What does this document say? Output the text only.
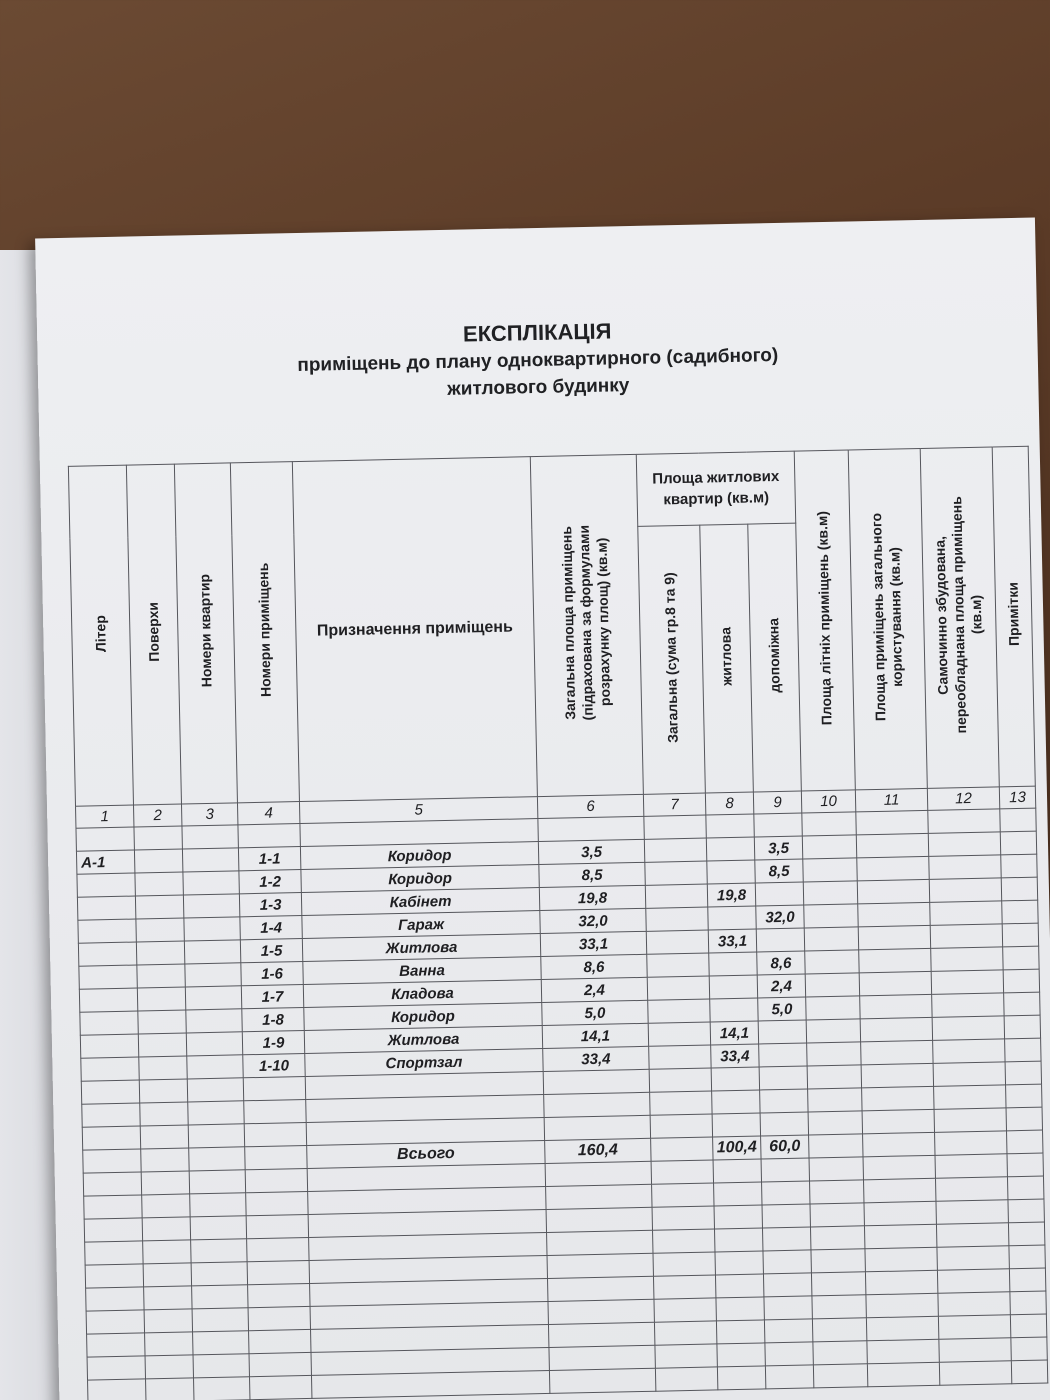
ЕКСПЛІКАЦІЯ
приміщень до плану одноквартирного (садибного)
житлового будинку
Літер	Поверхи	Номери квартир	Номери приміщень	Призначення приміщень	Загальна площа приміщень
(підрахована за формулами
розрахунку площ) (кв.м)	Площа житлових
квартир (кв.м)			Площа літніх приміщень (кв.м)	Площа приміщень загального
користування (кв.м)	Самочинно збудована,
переобладнана площа приміщень
(кв.м)	Примітки
						Загальна (сума гр.8 та 9)	житлова	допоміжна				
1	2	3	4	5	6	7	8	9	10	11	12	13

А-1			1-1	Коридор	3,5			3,5				
			1-2	Коридор	8,5			8,5				
			1-3	Кабінет	19,8		19,8					
			1-4	Гараж	32,0			32,0				
			1-5	Житлова	33,1		33,1					
			1-6	Ванна	8,6			8,6				
			1-7	Кладова	2,4			2,4				
			1-8	Коридор	5,0			5,0				
			1-9	Житлова	14,1		14,1					
			1-10	Спортзал	33,4		33,4					

				Всього	160,4		100,4	60,0				
